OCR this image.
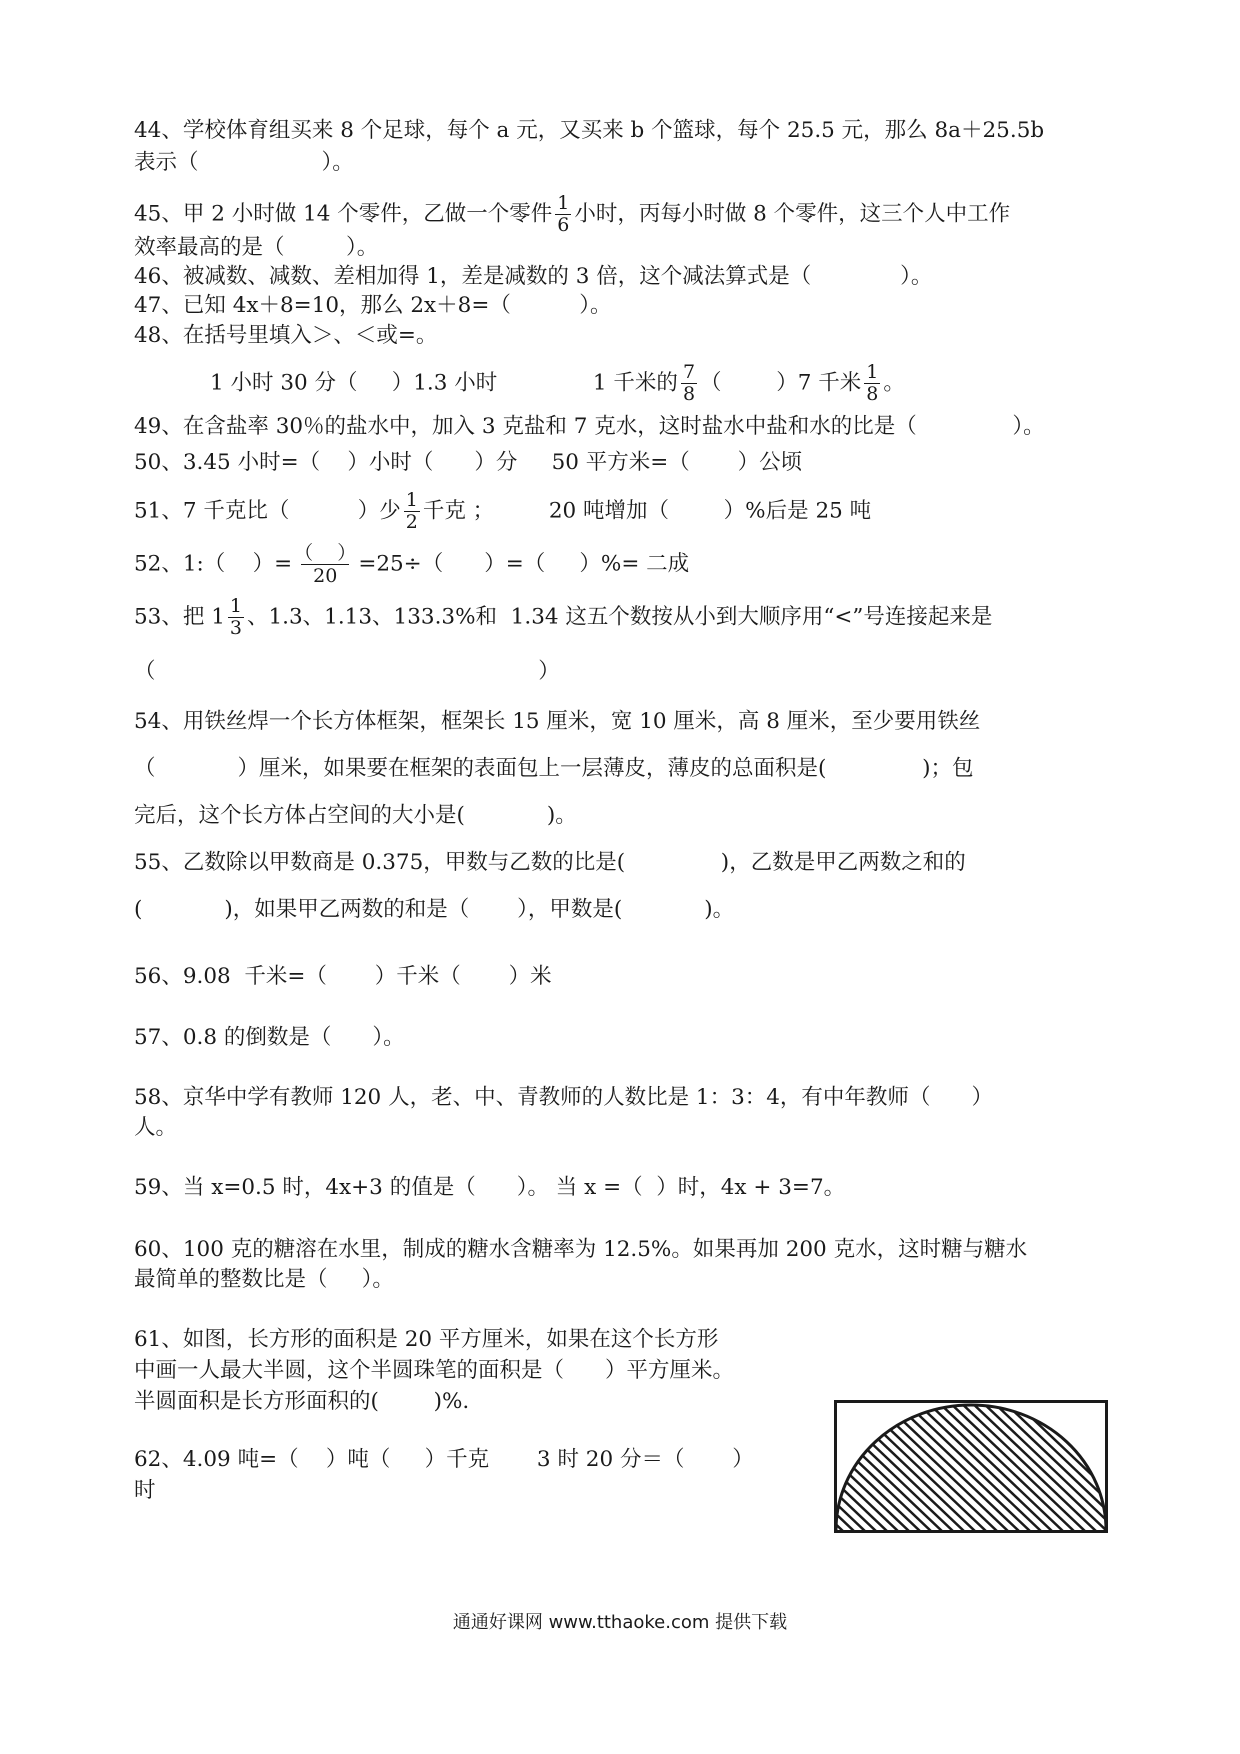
44、学校体育组买来 8 个足球，每个 a 元，又买来 b 个篮球，每个 25.5 元，那么 8a＋25.5b
表示（                  ）。
45、甲 2 小时做 14 个零件，乙做一个零件 $\frac{1}{6}$ 小时，丙每小时做 8 个零件，这三个人中工作
效率最高的是（         ）。
46、被减数、减数、差相加得 1，差是减数的 3 倍，这个减法算式是（             ）。
47、已知 4x＋8=10，那么 2x＋8=（          ）。
48、在括号里填入＞、＜或=。
1 小时 30 分（     ）1.3 小时              1 千米的 $\frac{7}{8}$ （        ）7 千米 $\frac{1}{8}$ 。
49、在含盐率 30％的盐水中，加入 3 克盐和 7 克水，这时盐水中盐和水的比是（              ）。
50、3.45 小时=（    ）小时（      ）分     50 平方米=（       ）公顷
51、7 千克比（          ）少 $\frac{1}{2}$ 千克 ；        20 吨增加（        ）%后是 25 吨
52、1:（    ）= （    ）
20 =25÷（      ）=（     ）%= 二成
53、把 $1 \frac{1}{3}$ 、1.3、1.13、133.3%和  1.34 这五个数按从小到大顺序用“<”号连接起来是
（                                                        ）
54、用铁丝焊一个长方体框架，框架长 15 厘米，宽 10 厘米，高 8 厘米，至少要用铁丝
（            ）厘米，如果要在框架的表面包上一层薄皮，薄皮的总面积是(              )；包
完后，这个长方体占空间的大小是(            )。
55、乙数除以甲数商是 0.375，甲数与乙数的比是(              )，乙数是甲乙两数之和的
(            )，如果甲乙两数的和是（       ），甲数是(            )。
56、9.08  千米=（       ）千米（       ）米
57、0.8 的倒数是（      ）。
58、京华中学有教师 120 人，老、中、青教师的人数比是 1：3：4，有中年教师（      ）
人。
59、当 x=0.5 时，4x+3 的值是（      ）。 当 x =（  ）时，4x + 3=7。
60、100 克的糖溶在水里，制成的糖水含糖率为 12.5%。如果再加 200 克水，这时糖与糖水
最简单的整数比是（     ）。
61、如图，长方形的面积是 20 平方厘米，如果在这个长方形
中画一人最大半圆，这个半圆珠笔的面积是（      ）平方厘米。
半圆面积是长方形面积的(        )%.
62、4.09 吨=（    ）吨（     ）千克       3 时 20 分＝（       ）
时
通通好课网 www.tthaoke.com 提供下载
